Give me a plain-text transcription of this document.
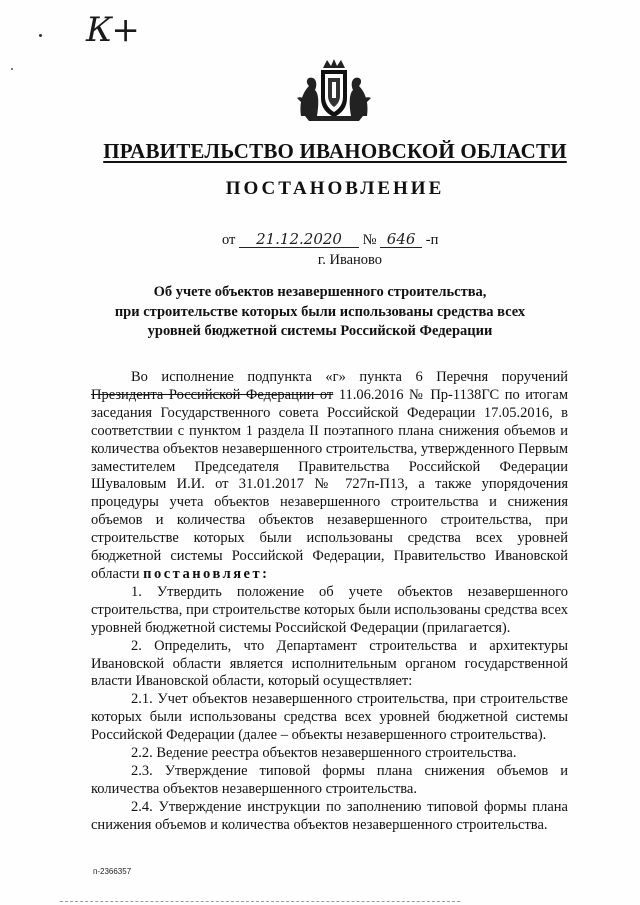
К+
ПРАВИТЕЛЬСТВО ИВАНОВСКОЙ ОБЛАСТИ
ПОСТАНОВЛЕНИЕ
от 21.12.2020 № 646 -п
г. Иваново
Об учете объектов незавершенного строительства,
при строительстве которых были использованы средства всех
уровней бюджетной системы Российской Федерации

Во исполнение подпункта «г» пункта 6 Перечня поручений Президента Российской Федерации от 11.06.2016 № Пр-1138ГС по итогам заседания Государственного совета Российской Федерации 17.05.2016, в соответствии с пунктом 1 раздела II поэтапного плана снижения объемов и количества объектов незавершенного строительства, утвержденного Первым заместителем Председателя Правительства Российской Федерации Шуваловым И.И. от 31.01.2017 № 727п-П13, а также упорядочения процедуры учета объектов незавершенного строительства и снижения объемов и количества объектов незавершенного строительства, при строительстве которых были использованы средства всех уровней бюджетной системы Российской Федерации, Правительство Ивановской области постановляет:

1. Утвердить положение об учете объектов незавершенного строительства, при строительстве которых были использованы средства всех уровней бюджетной системы Российской Федерации (прилагается).

2. Определить, что Департамент строительства и архитектуры Ивановской области является исполнительным органом государственной власти Ивановской области, который осуществляет:

2.1. Учет объектов незавершенного строительства, при строительстве которых были использованы средства всех уровней бюджетной системы Российской Федерации (далее – объекты незавершенного строительства).

2.2. Ведение реестра объектов незавершенного строительства.

2.3. Утверждение типовой формы плана снижения объемов и количества объектов незавершенного строительства.

2.4. Утверждение инструкции по заполнению типовой формы плана снижения объемов и количества объектов незавершенного строительства.

п-2366357
